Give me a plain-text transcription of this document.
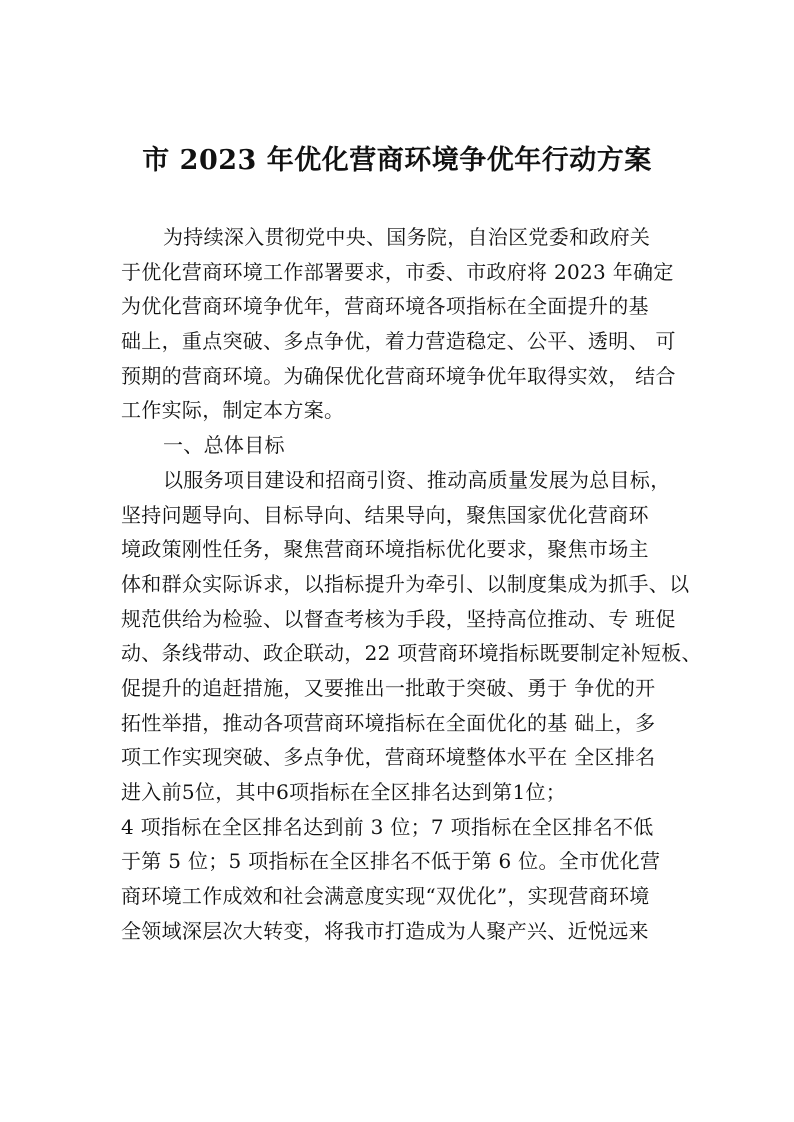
市 2023 年优化营商环境争优年行动方案
为持续深入贯彻党中央、国务院，自治区党委和政府关
于优化营商环境工作部署要求，市委、市政府将 2023 年确定
为优化营商环境争优年，营商环境各项指标在全面提升的基
础上，重点突破、多点争优，着力营造稳定、公平、透明、 可
预期的营商环境。为确保优化营商环境争优年取得实效， 结合
工作实际，制定本方案。
一、总体目标
以服务项目建设和招商引资、推动高质量发展为总目标，
坚持问题导向、目标导向、结果导向，聚焦国家优化营商环
境政策刚性任务，聚焦营商环境指标优化要求，聚焦市场主
体和群众实际诉求，以指标提升为牵引、以制度集成为抓手、以
规范供给为检验、以督查考核为手段，坚持高位推动、专 班促
动、条线带动、政企联动，22 项营商环境指标既要制定补短板、
促提升的追赶措施，又要推出一批敢于突破、勇于 争优的开
拓性举措，推动各项营商环境指标在全面优化的基 础上，多
项工作实现突破、多点争优，营商环境整体水平在 全区排名
进入前5位，其中6项指标在全区排名达到第1位；
4 项指标在全区排名达到前 3 位；7 项指标在全区排名不低
于第 5 位；5 项指标在全区排名不低于第 6 位。全市优化营
商环境工作成效和社会满意度实现“双优化”，实现营商环境
全领域深层次大转变，将我市打造成为人聚产兴、近悦远来
